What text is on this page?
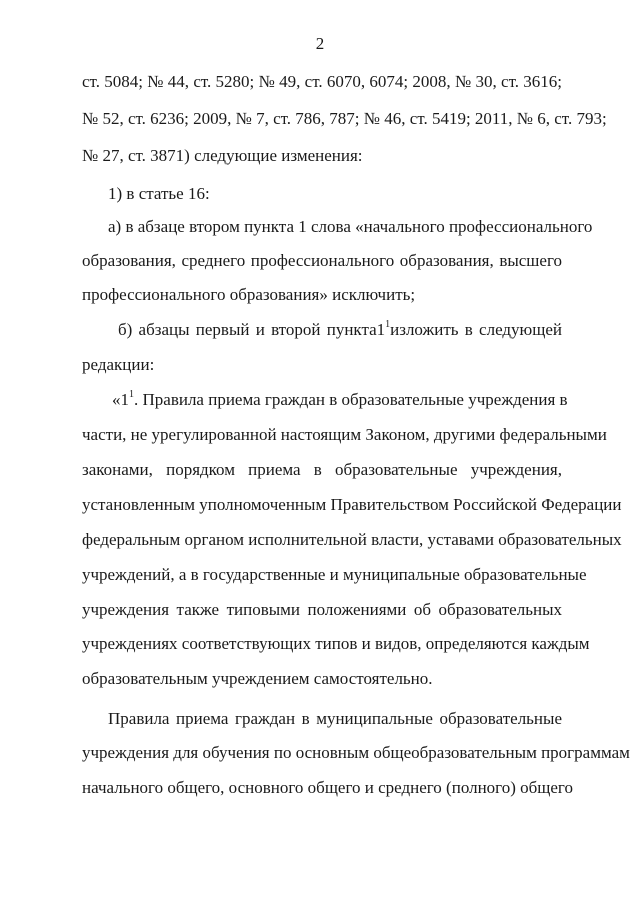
2
ст. 5084; № 44, ст. 5280; № 49, ст. 6070, 6074; 2008, № 30, ст. 3616;
№ 52, ст. 6236; 2009, № 7, ст. 786, 787; № 46, ст. 5419; 2011, № 6, ст. 793;
№ 27, ст. 3871) следующие изменения:
1) в статье 16:
а) в абзаце втором пункта 1 слова «начального профессионального
образования, среднего профессионального образования, высшего
профессионального образования» исключить;
б) абзацы первый и второй $пункта1^1изложить$ в следующей
редакции:
«$1^1$. Правила приема граждан в образовательные учреждения в
части, не урегулированной настоящим Законом, другими федеральными
законами, порядком приема в образовательные учреждения,
установленным уполномоченным Правительством Российской Федерации
федеральным органом исполнительной власти, уставами образовательных
учреждений, а в государственные и муниципальные образовательные
учреждения также типовыми положениями об образовательных
учреждениях соответствующих типов и видов, определяются каждым
образовательным учреждением самостоятельно.
Правила приема граждан в муниципальные образовательные
учреждения для обучения по основным общеобразовательным программам
начального общего, основного общего и среднего (полного) общего
